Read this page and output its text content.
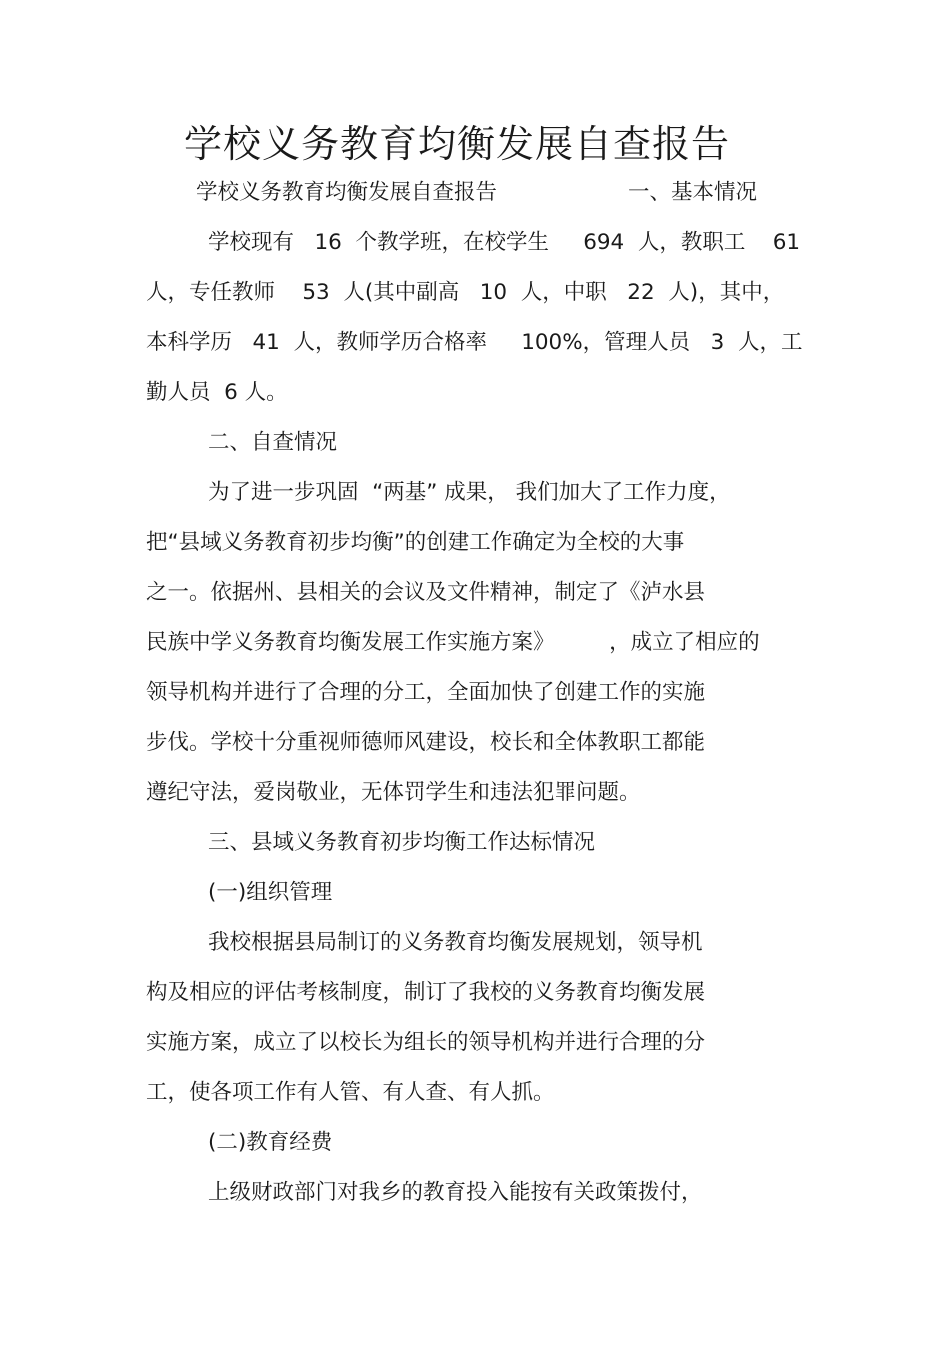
学校义务教育均衡发展自查报告
学校义务教育均衡发展自查报告	一、基本情况
学校现有   16  个教学班，在校学生     694  人，教职工    61
人，专任教师    53  人(其中副高   10  人，中职   22  人)，其中，
本科学历   41  人，教师学历合格率     100%，管理人员   3  人，工
勤人员  6 人。
二、自查情况
为了进一步巩固  “两基” 成果， 我们加大了工作力度，
把“县域义务教育初步均衡”的创建工作确定为全校的大事
之一。依据州、县相关的会议及文件精神，制定了《泸水县
民族中学义务教育均衡发展工作实施方案》        ，成立了相应的
领导机构并进行了合理的分工，全面加快了创建工作的实施
步伐。学校十分重视师德师风建设，校长和全体教职工都能
遵纪守法，爱岗敬业，无体罚学生和违法犯罪问题。
三、县域义务教育初步均衡工作达标情况
(一)组织管理
我校根据县局制订的义务教育均衡发展规划，领导机
构及相应的评估考核制度，制订了我校的义务教育均衡发展
实施方案，成立了以校长为组长的领导机构并进行合理的分
工，使各项工作有人管、有人查、有人抓。
(二)教育经费
上级财政部门对我乡的教育投入能按有关政策拨付，
